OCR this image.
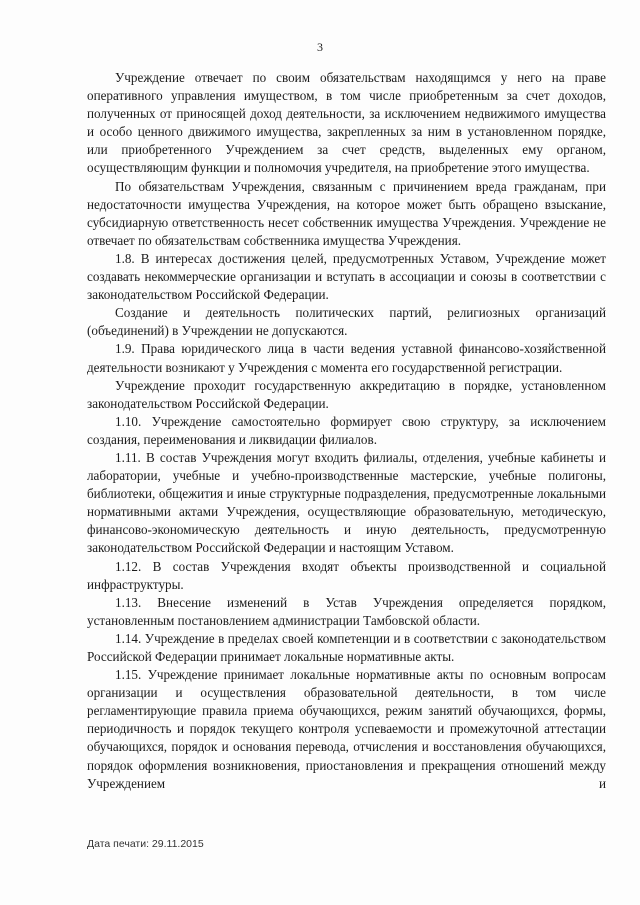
3

Учреждение отвечает по своим обязательствам находящимся у него на праве оперативного управления имуществом, в том числе приобретенным за счет доходов, полученных от приносящей доход деятельности, за исключением недвижимого имущества и особо ценного движимого имущества, закрепленных за ним в установленном порядке, или приобретенного Учреждением за счет средств, выделенных ему органом, осуществляющим функции и полномочия учредителя, на приобретение этого имущества.

По обязательствам Учреждения, связанным с причинением вреда гражданам, при недостаточности имущества Учреждения, на которое может быть обращено взыскание, субсидиарную ответственность несет собственник имущества Учреждения. Учреждение не отвечает по обязательствам собственника имущества Учреждения.

1.8. В интересах достижения целей, предусмотренных Уставом, Учреждение может создавать некоммерческие организации и вступать в ассоциации и союзы в соответствии с законодательством Российской Федерации.

Создание и деятельность политических партий, религиозных организаций (объединений) в Учреждении не допускаются.

1.9. Права юридического лица в части ведения уставной финансово-хозяйственной деятельности возникают у Учреждения с момента его государственной регистрации.

Учреждение проходит государственную аккредитацию в порядке, установленном законодательством Российской Федерации.

1.10. Учреждение самостоятельно формирует свою структуру, за исключением создания, переименования и ликвидации филиалов.

1.11. В состав Учреждения могут входить филиалы, отделения, учебные кабинеты и лаборатории, учебные и учебно-производственные мастерские, учебные полигоны, библиотеки, общежития и иные структурные подразделения, предусмотренные локальными нормативными актами Учреждения, осуществляющие образовательную, методическую, финансово-экономическую деятельность и иную деятельность, предусмотренную законодательством Российской Федерации и настоящим Уставом.

1.12. В состав Учреждения входят объекты производственной и социальной инфраструктуры.

1.13. Внесение изменений в Устав Учреждения определяется порядком, установленным постановлением администрации Тамбовской области.

1.14. Учреждение в пределах своей компетенции и в соответствии с законодательством Российской Федерации принимает локальные нормативные акты.

1.15. Учреждение принимает локальные нормативные акты по основным вопросам организации и осуществления образовательной деятельности, в том числе регламентирующие правила приема обучающихся, режим занятий обучающихся, формы, периодичность и порядок текущего контроля успеваемости и промежуточной аттестации обучающихся, порядок и основания перевода, отчисления и восстановления обучающихся, порядок оформления возникновения, приостановления и прекращения отношений между Учреждением и

Дата печати: 29.11.2015
